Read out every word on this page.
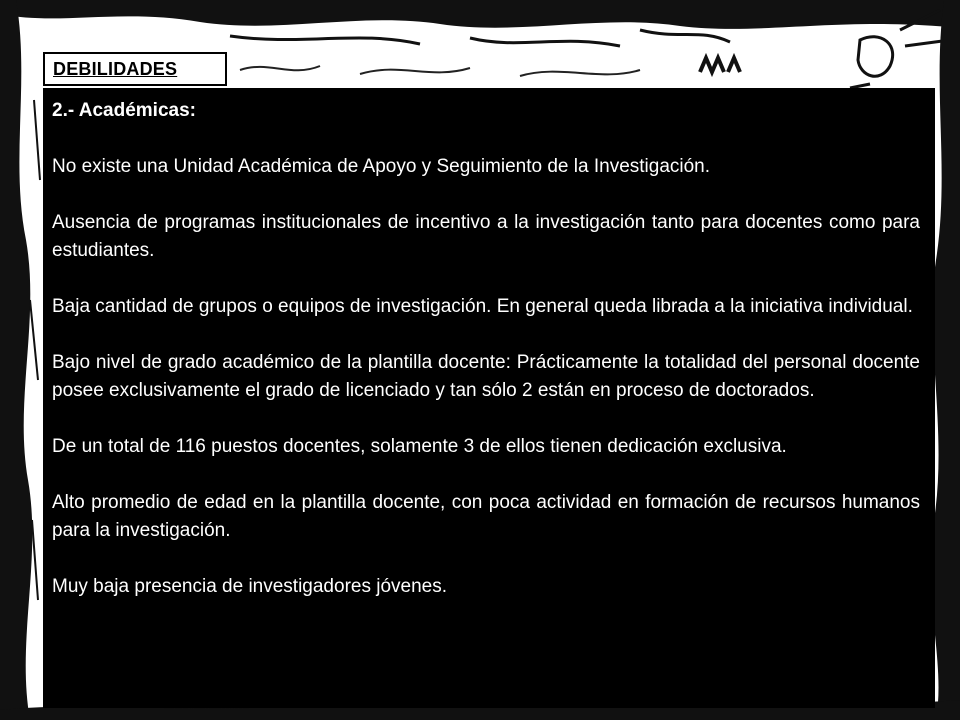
DEBILIDADES
2.- Académicas:

No existe una Unidad Académica de Apoyo y Seguimiento de la Investigación.

Ausencia de programas institucionales de incentivo a la investigación tanto para docentes como para estudiantes.

Baja cantidad de grupos o equipos de investigación. En general queda librada a la iniciativa individual.

Bajo nivel de grado académico de la plantilla docente: Prácticamente la totalidad del personal docente posee exclusivamente el grado de licenciado y tan sólo 2 están en proceso de doctorados.

De un total de 116 puestos docentes, solamente 3 de ellos tienen dedicación exclusiva.

Alto promedio de edad en la plantilla docente, con poca actividad en formación de recursos humanos para la investigación.

Muy baja presencia de investigadores jóvenes.
